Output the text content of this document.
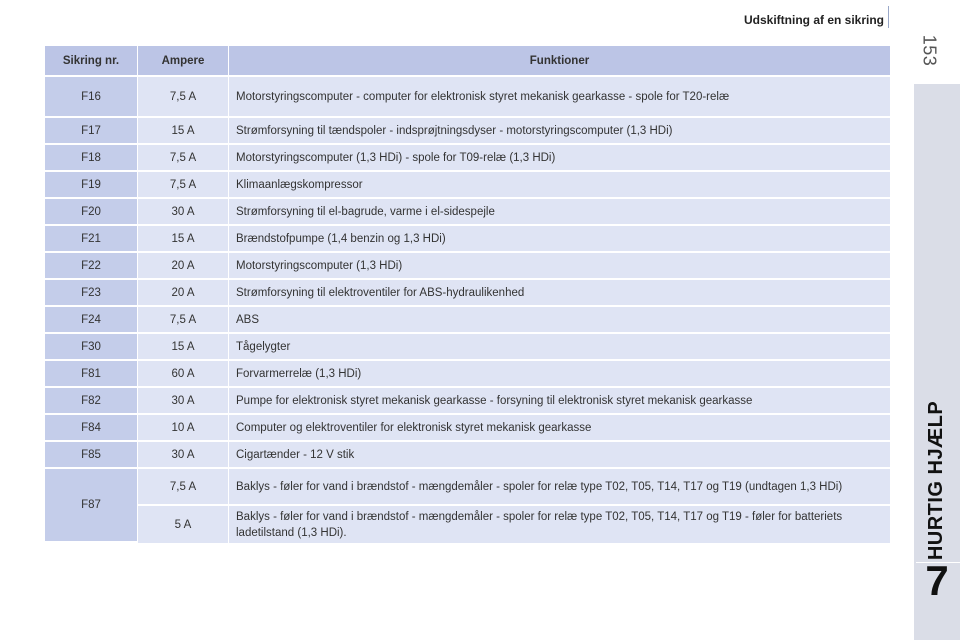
Udskiftning af en sikring
153
HURTIG HJÆLP
7
Sikring nr.	Ampere	Funktioner
F16	7,5 A	Motorstyringscomputer - computer for elektronisk styret mekanisk gearkasse - spole for T20-relæ
F17	15 A	Strømforsyning til tændspoler - indsprøjtningsdyser - motorstyringscomputer (1,3 HDi)
F18	7,5 A	Motorstyringscomputer (1,3 HDi) - spole for T09-relæ (1,3 HDi)
F19	7,5 A	Klimaanlægskompressor
F20	30 A	Strømforsyning til el-bagrude, varme i el-sidespejle
F21	15 A	Brændstofpumpe (1,4 benzin og 1,3 HDi)
F22	20 A	Motorstyringscomputer (1,3 HDi)
F23	20 A	Strømforsyning til elektroventiler for ABS-hydraulikenhed
F24	7,5 A	ABS
F30	15 A	Tågelygter
F81	60 A	Forvarmerrelæ (1,3 HDi)
F82	30 A	Pumpe for elektronisk styret mekanisk gearkasse - forsyning til elektronisk styret mekanisk gearkasse
F84	10 A	Computer og elektroventiler for elektronisk styret mekanisk gearkasse
F85	30 A	Cigartænder - 12 V stik
F87	7,5 A	Baklys - føler for vand i brændstof - mængdemåler - spoler for relæ type T02, T05, T14, T17 og T19 (undtagen 1,3 HDi)
	5 A	Baklys - føler for vand i brændstof - mængdemåler - spoler for relæ type T02, T05, T14, T17 og T19 - føler for batteriets ladetilstand (1,3 HDi).
